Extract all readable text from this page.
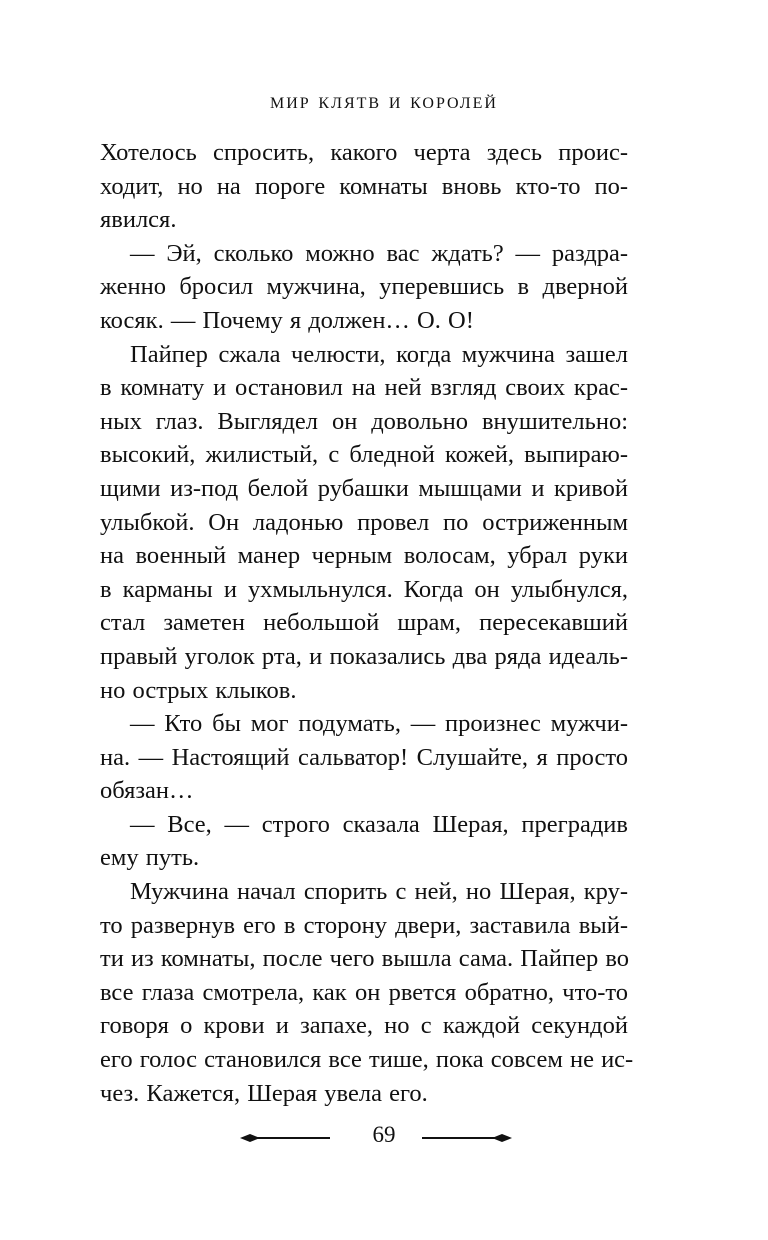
мир клятв и королей

Хотелось спросить, какого черта здесь проис-
ходит, но на пороге комнаты вновь кто-то по-
явился.

— Эй, сколько можно вас ждать? — раздра-
женно бросил мужчина, уперевшись в дверной
косяк. — Почему я должен… О. О!

Пайпер сжала челюсти, когда мужчина зашел
в комнату и остановил на ней взгляд своих крас-
ных глаз. Выглядел он довольно внушительно:
высокий, жилистый, с бледной кожей, выпираю-
щими из-под белой рубашки мышцами и кривой
улыбкой. Он ладонью провел по остриженным
на военный манер черным волосам, убрал руки
в карманы и ухмыльнулся. Когда он улыбнулся,
стал заметен небольшой шрам, пересекавший
правый уголок рта, и показались два ряда идеаль-
но острых клыков.

— Кто бы мог подумать, — произнес мужчи-
на. — Настоящий сальватор! Слушайте, я просто
обязан…

— Все, — строго сказала Шерая, преградив
ему путь.

Мужчина начал спорить с ней, но Шерая, кру-
то развернув его в сторону двери, заставила вый-
ти из комнаты, после чего вышла сама. Пайпер во
все глаза смотрела, как он рвется обратно, что-то
говоря о крови и запахе, но с каждой секундой
его голос становился все тише, пока совсем не ис-
чез. Кажется, Шерая увела его.

69
